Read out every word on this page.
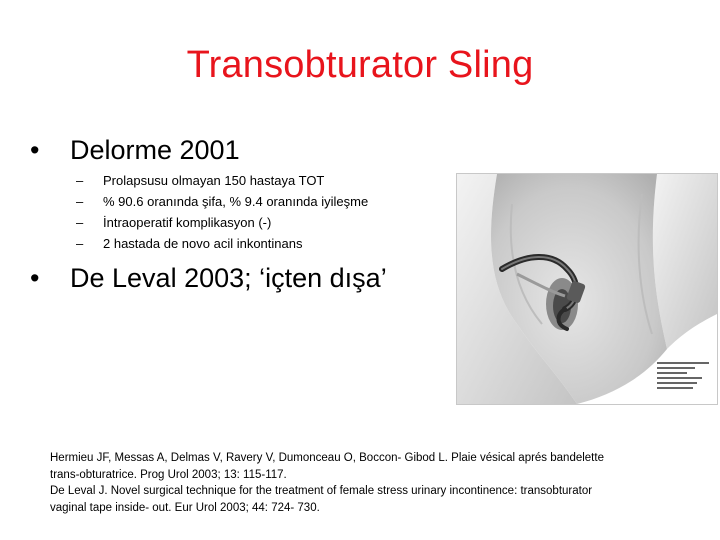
Transobturator Sling
• Delorme 2001
– Prolapsusu olmayan 150 hastaya TOT
– % 90.6 oranında şifa, % 9.4 oranında iyileşme
– İntraoperatif komplikasyon (-)
– 2 hastada de novo acil inkontinans
• De Leval 2003; ‘içten dışa’
Hermieu JF, Messas A, Delmas V, Ravery V, Dumonceau O, Boccon- Gibod L. Plaie vésical aprés bandelette
trans-obturatrice. Prog Urol 2003; 13: 115-117.
De Leval J. Novel surgical technique for the treatment of female stress urinary incontinence: transobturator
vaginal tape inside- out. Eur Urol 2003; 44: 724- 730.
